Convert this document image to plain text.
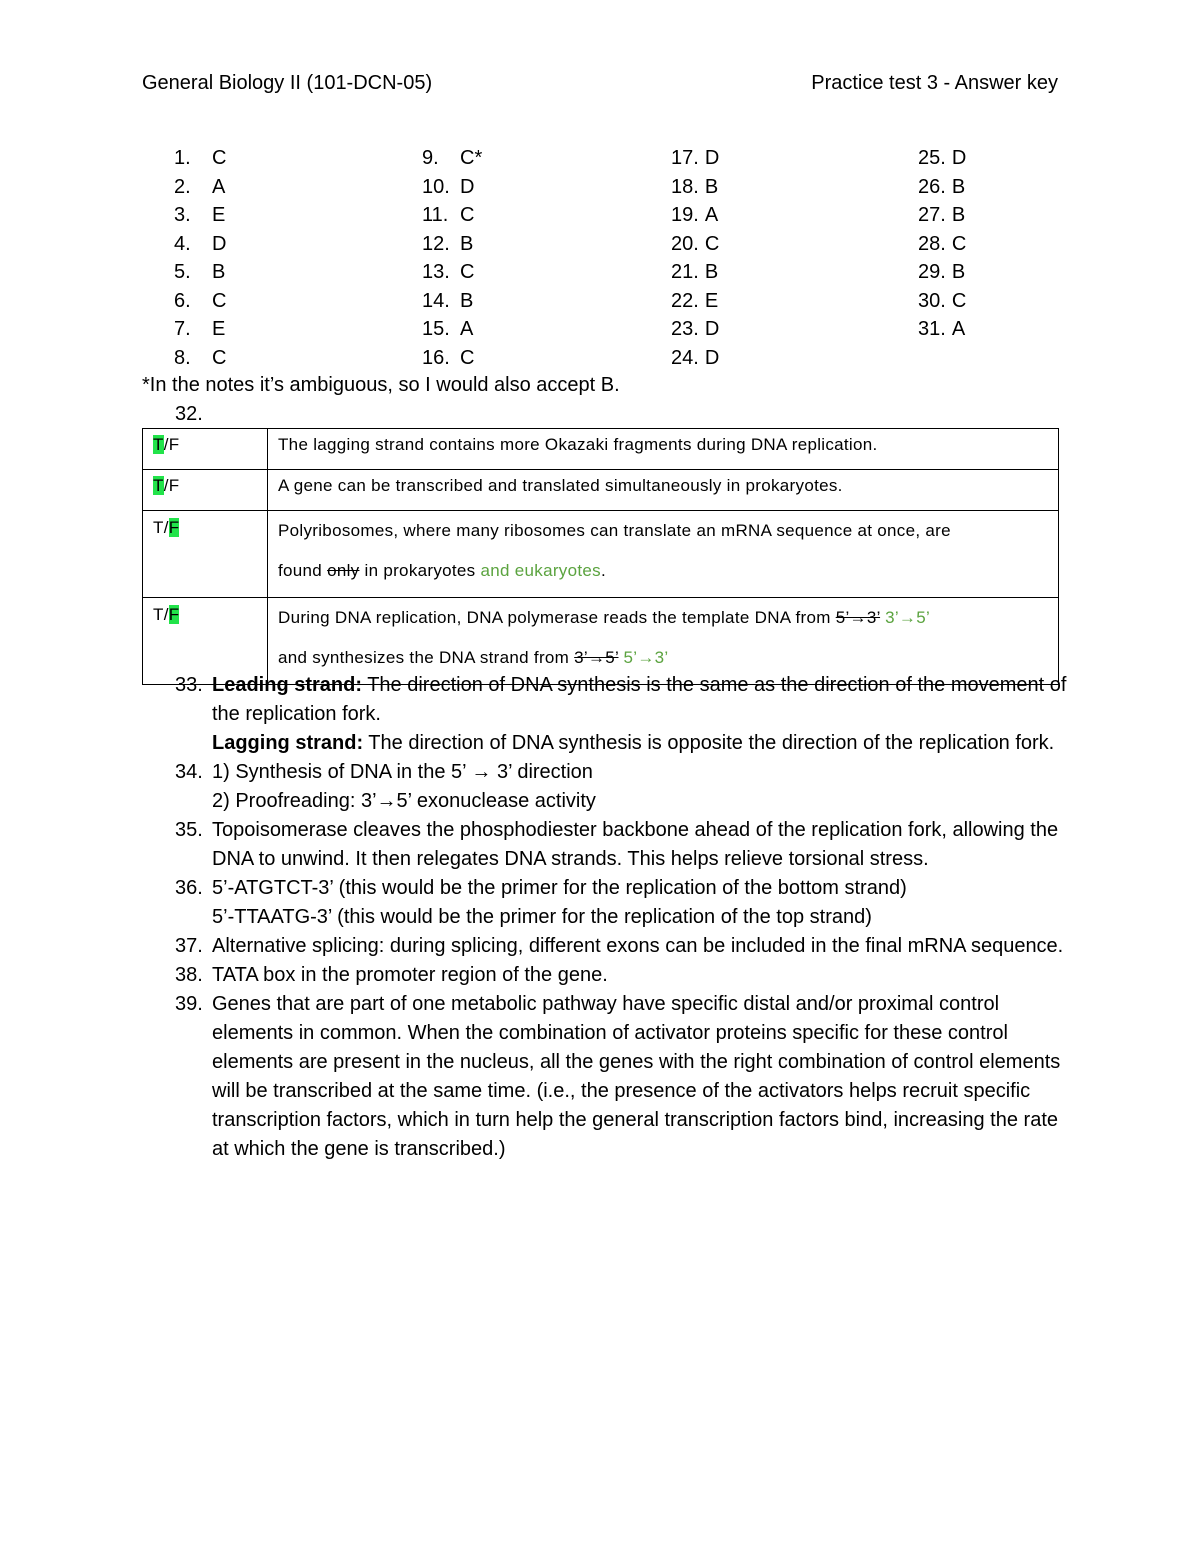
General Biology II (101-DCN-05)	Practice test 3 - Answer key
1.	C
2.	A
3.	E
4.	D
5.	B
6.	C
7.	E
8.	C
9.	C*
10. D
11. C
12. B
13. C
14. B
15. A
16. C
17. D
18. B
19. A
20. C
21. B
22. E
23. D
24. D
25. D
26. B
27. B
28. C
29. B
30. C
31. A
*In the notes it’s ambiguous, so I would also accept B.
32.
T/F	The lagging strand contains more Okazaki fragments during DNA replication.
T/F	A gene can be transcribed and translated simultaneously in prokaryotes.
T/F	Polyribosomes, where many ribosomes can translate an mRNA sequence at once, are
found only in prokaryotes and eukaryotes.
T/F	During DNA replication, DNA polymerase reads the template DNA from 5’→3’ 3’→5’
and synthesizes the DNA strand from 3’→5’ 5’→3’
33. Leading strand: The direction of DNA synthesis is the same as the direction of the movement of the replication fork.

Lagging strand: The direction of DNA synthesis is opposite the direction of the replication fork.

34. 1) Synthesis of DNA in the 5’ → 3’ direction

2) Proofreading: 3’→5’ exonuclease activity

35. Topoisomerase cleaves the phosphodiester backbone ahead of the replication fork, allowing the DNA to unwind. It then relegates DNA strands. This helps relieve torsional stress.

36. 5’-ATGTCT-3’ (this would be the primer for the replication of the bottom strand)

5’-TTAATG-3’ (this would be the primer for the replication of the top strand)

37. Alternative splicing: during splicing, different exons can be included in the final mRNA sequence.

38. TATA box in the promoter region of the gene.

39. Genes that are part of one metabolic pathway have specific distal and/or proximal control elements in common. When the combination of activator proteins specific for these control elements are present in the nucleus, all the genes with the right combination of control elements will be transcribed at the same time. (i.e., the presence of the activators helps recruit specific transcription factors, which in turn help the general transcription factors bind, increasing the rate at which the gene is transcribed.)
